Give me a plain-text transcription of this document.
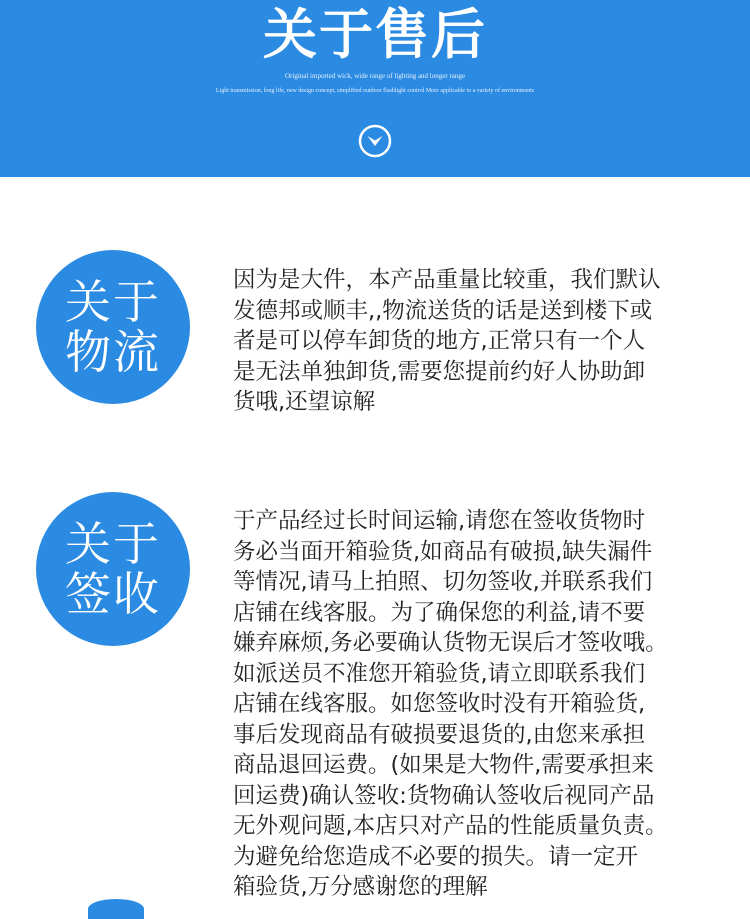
关于售后
Original imported wick, wide range of lighting and longer range
Light transmission, long life, new design concept, simplified outdoor flashlight control More applicable to a variety of environments
关于
物流

因为是大件，本产品重量比较重，我们默认
发德邦或顺丰,,物流送货的话是送到楼下或
者是可以停车卸货的地方,正常只有一个人
是无法单独卸货,需要您提前约好人协助卸
货哦,还望谅解

关于
签收

于产品经过长时间运输,请您在签收货物时
务必当面开箱验货,如商品有破损,缺失漏件
等情况,请马上拍照、切勿签收,并联系我们
店铺在线客服。为了确保您的利益,请不要
嫌弃麻烦,务必要确认货物无误后才签收哦。
如派送员不准您开箱验货,请立即联系我们
店铺在线客服。如您签收时没有开箱验货,
事后发现商品有破损要退货的,由您来承担
商品退回运费。(如果是大物件,需要承担来
回运费)确认签收:货物确认签收后视同产品
无外观问题,本店只对产品的性能质量负责。
为避免给您造成不必要的损失。请一定开
箱验货,万分感谢您的理解
